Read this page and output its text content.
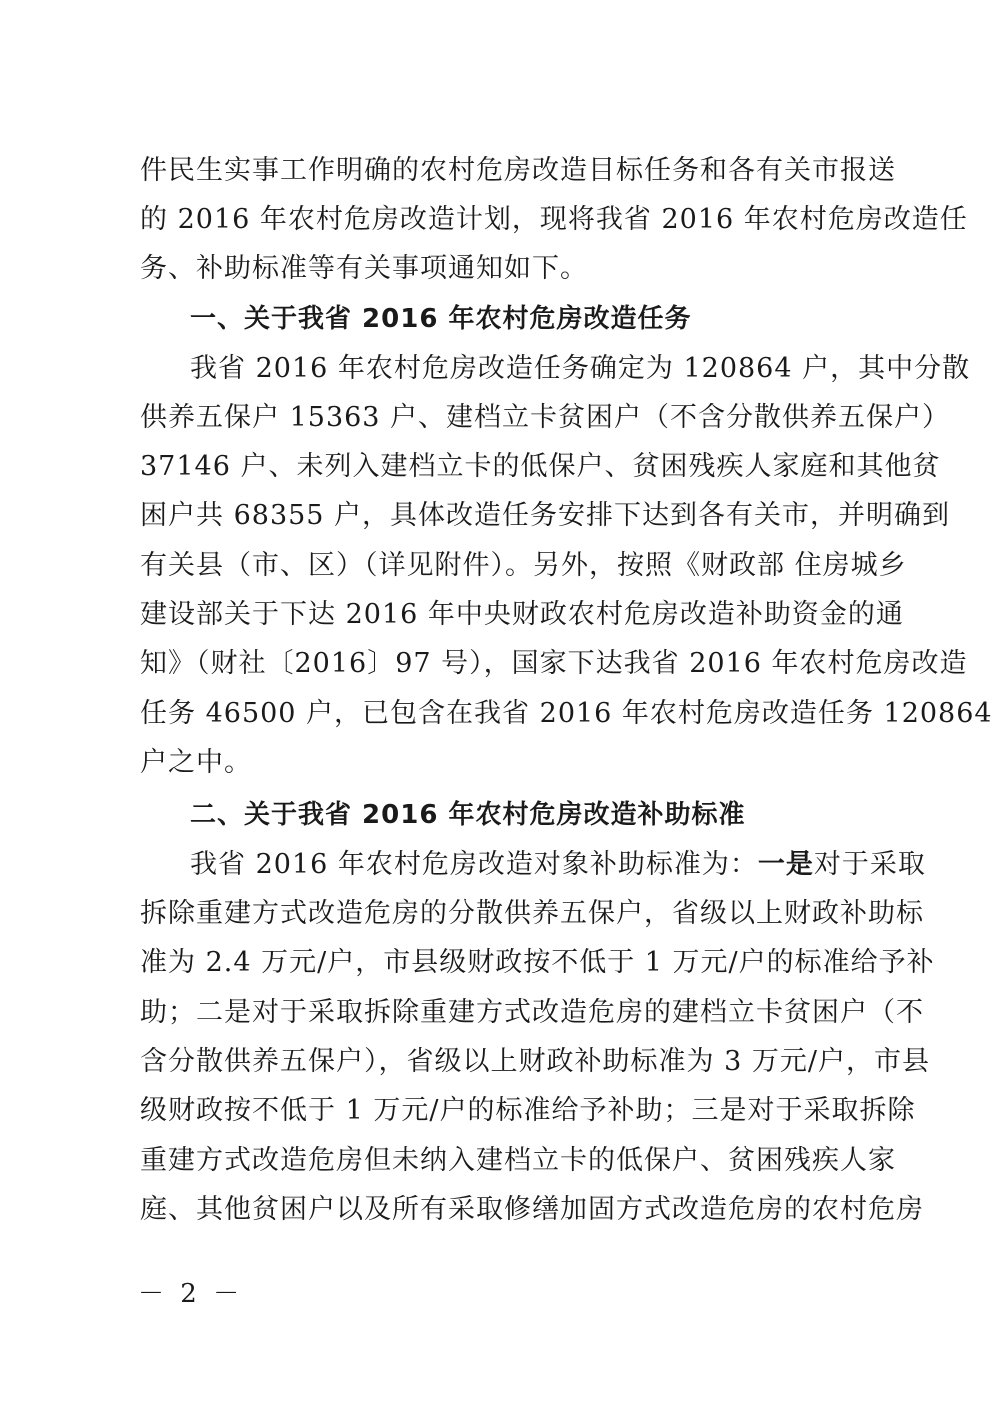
件民生实事工作明确的农村危房改造目标任务和各有关市报送
的 2016 年农村危房改造计划，现将我省 2016 年农村危房改造任
务、补助标准等有关事项通知如下。
一、关于我省 2016 年农村危房改造任务
我省 2016 年农村危房改造任务确定为 120864 户，其中分散
供养五保户 15363 户、建档立卡贫困户（不含分散供养五保户）
37146 户、未列入建档立卡的低保户、贫困残疾人家庭和其他贫
困户共 68355 户，具体改造任务安排下达到各有关市，并明确到
有关县（市、区）（详见附件）。另外，按照《财政部 住房城乡
建设部关于下达 2016 年中央财政农村危房改造补助资金的通
知》（财社〔2016〕97 号），国家下达我省 2016 年农村危房改造
任务 46500 户，已包含在我省 2016 年农村危房改造任务 120864
户之中。
二、关于我省 2016 年农村危房改造补助标准
我省 2016 年农村危房改造对象补助标准为：一是对于采取
拆除重建方式改造危房的分散供养五保户，省级以上财政补助标
准为 2.4 万元/户，市县级财政按不低于 1 万元/户的标准给予补
助；二是对于采取拆除重建方式改造危房的建档立卡贫困户（不
含分散供养五保户），省级以上财政补助标准为 3 万元/户，市县
级财政按不低于 1 万元/户的标准给予补助；三是对于采取拆除
重建方式改造危房但未纳入建档立卡的低保户、贫困残疾人家
庭、其他贫困户以及所有采取修缮加固方式改造危房的农村危房
－ 2 －
